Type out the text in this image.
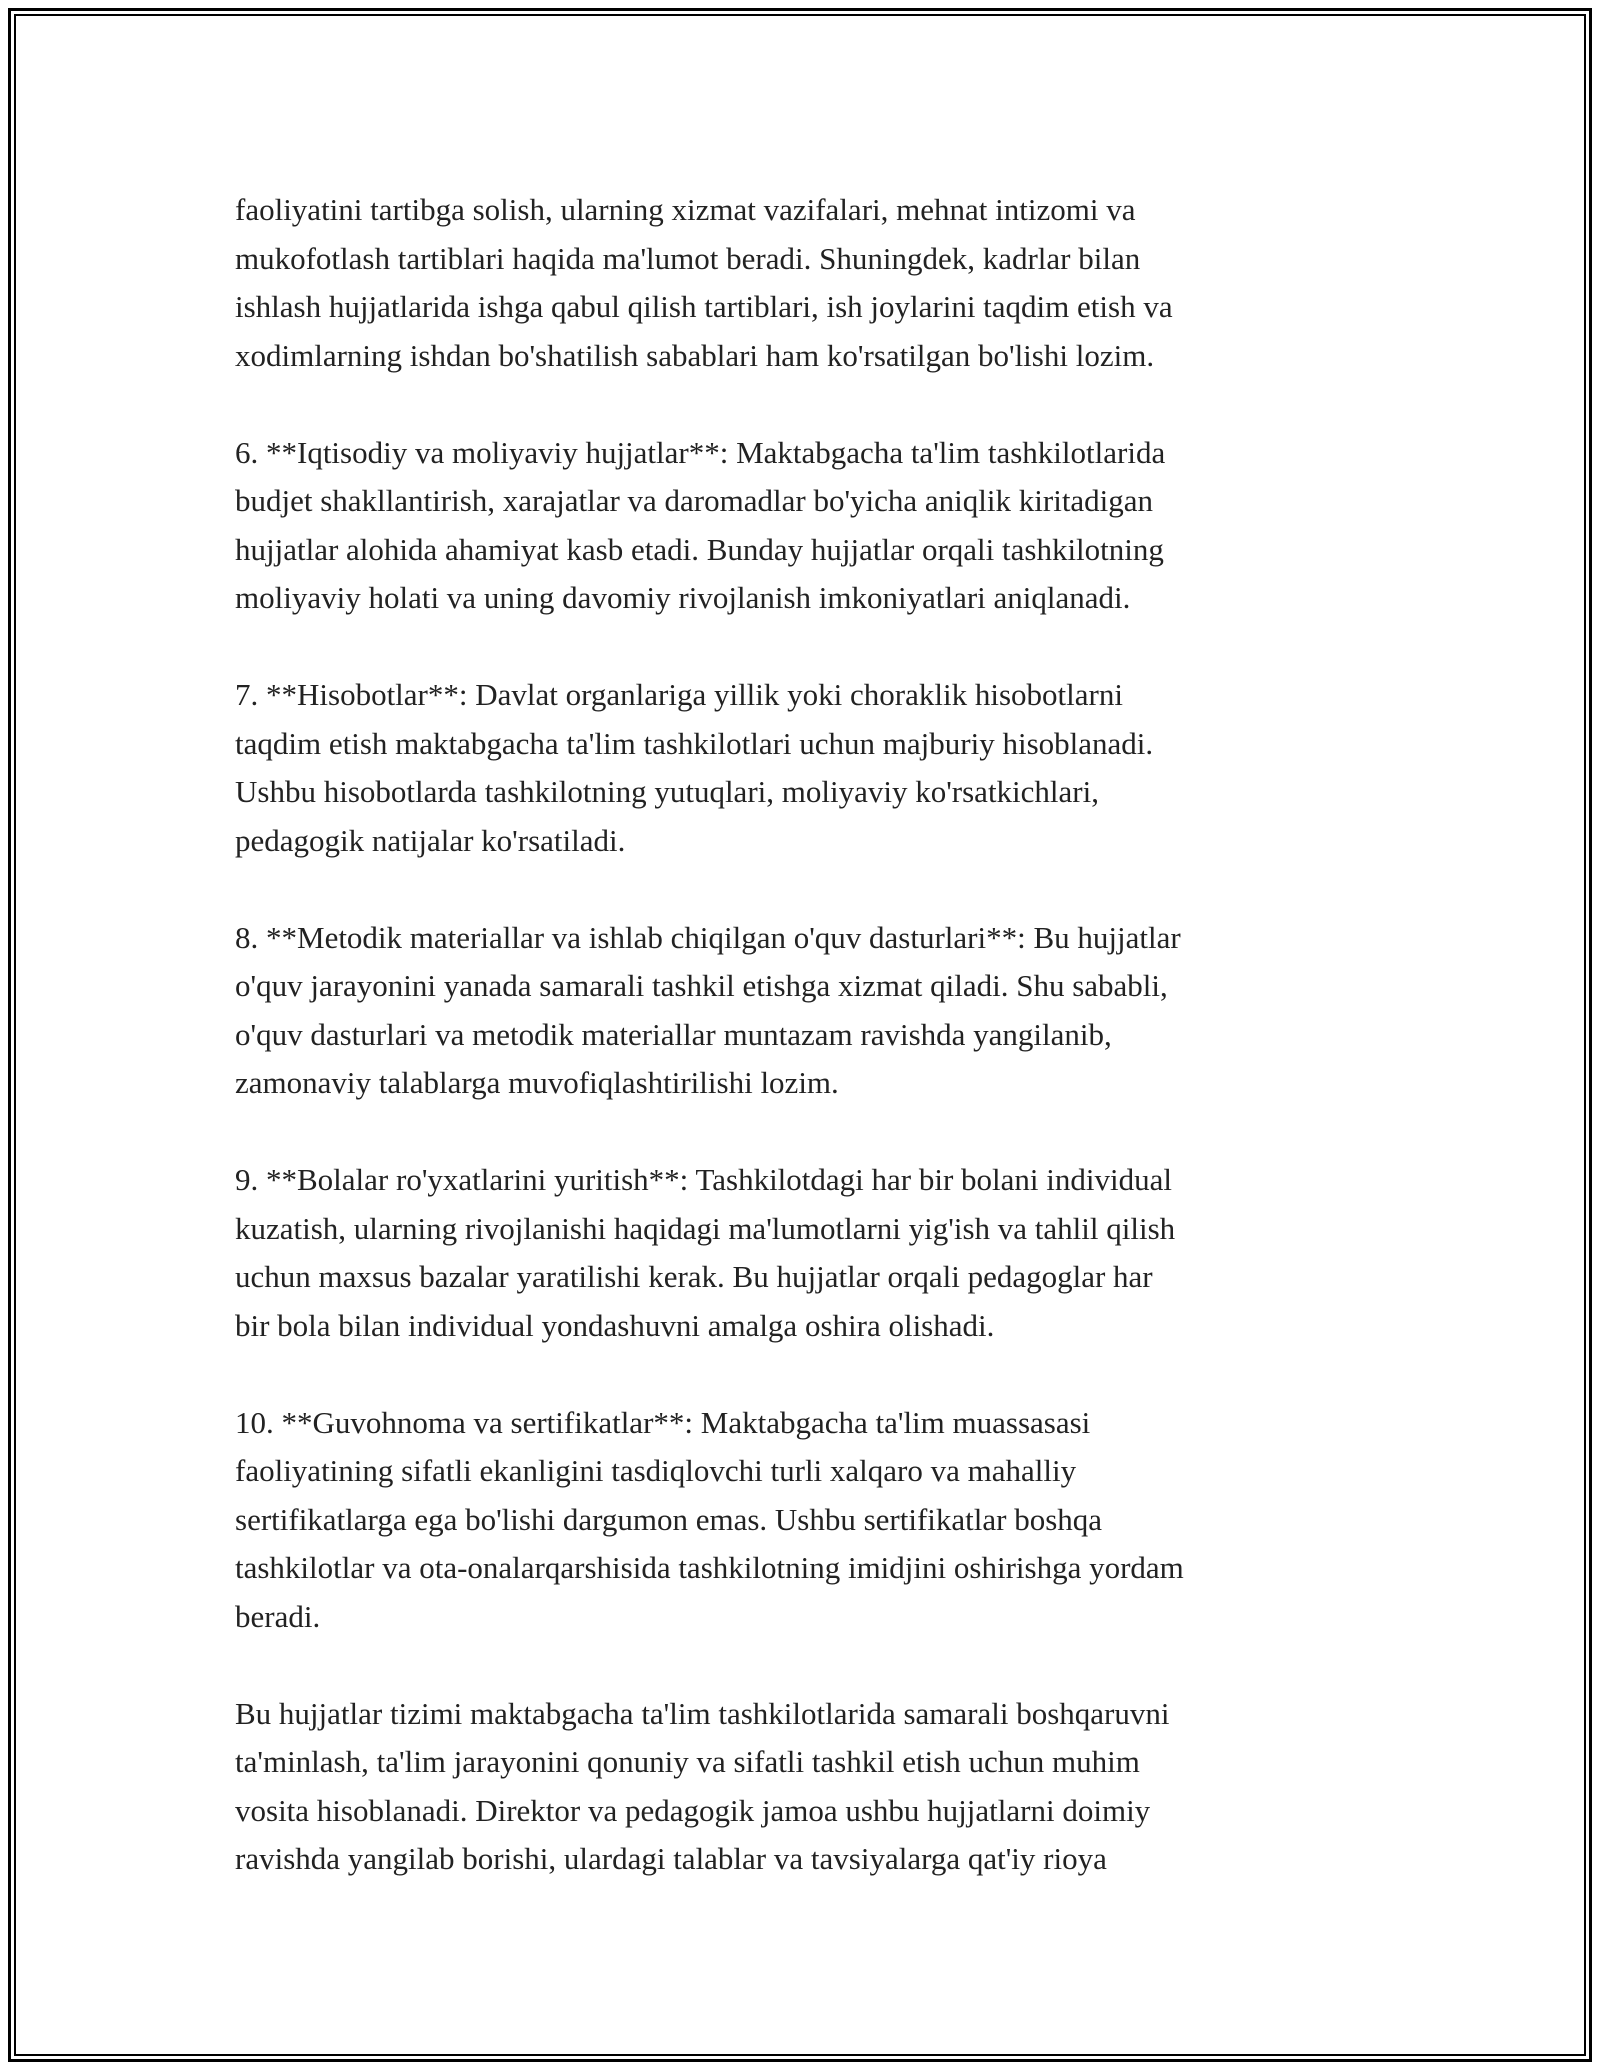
faoliyatini tartibga solish, ularning xizmat vazifalari, mehnat intizomi va
mukofotlash tartiblari haqida ma'lumot beradi. Shuningdek, kadrlar bilan
ishlash hujjatlarida ishga qabul qilish tartiblari, ish joylarini taqdim etish va
xodimlarning ishdan bo'shatilish sabablari ham ko'rsatilgan bo'lishi lozim.

6. **Iqtisodiy va moliyaviy hujjatlar**: Maktabgacha ta'lim tashkilotlarida
budjet shakllantirish, xarajatlar va daromadlar bo'yicha aniqlik kiritadigan
hujjatlar alohida ahamiyat kasb etadi. Bunday hujjatlar orqali tashkilotning
moliyaviy holati va uning davomiy rivojlanish imkoniyatlari aniqlanadi.

7. **Hisobotlar**: Davlat organlariga yillik yoki choraklik hisobotlarni
taqdim etish maktabgacha ta'lim tashkilotlari uchun majburiy hisoblanadi.
Ushbu hisobotlarda tashkilotning yutuqlari, moliyaviy ko'rsatkichlari,
pedagogik natijalar ko'rsatiladi.

8. **Metodik materiallar va ishlab chiqilgan o'quv dasturlari**: Bu hujjatlar
o'quv jarayonini yanada samarali tashkil etishga xizmat qiladi. Shu sababli,
o'quv dasturlari va metodik materiallar muntazam ravishda yangilanib,
zamonaviy talablarga muvofiqlashtirilishi lozim.

9. **Bolalar ro'yxatlarini yuritish**: Tashkilotdagi har bir bolani individual
kuzatish, ularning rivojlanishi haqidagi ma'lumotlarni yig'ish va tahlil qilish
uchun maxsus bazalar yaratilishi kerak. Bu hujjatlar orqali pedagoglar har
bir bola bilan individual yondashuvni amalga oshira olishadi.

10. **Guvohnoma va sertifikatlar**: Maktabgacha ta'lim muassasasi
faoliyatining sifatli ekanligini tasdiqlovchi turli xalqaro va mahalliy
sertifikatlarga ega bo'lishi dargumon emas. Ushbu sertifikatlar boshqa
tashkilotlar va ota-onalarqarshisida tashkilotning imidjini oshirishga yordam
beradi.

Bu hujjatlar tizimi maktabgacha ta'lim tashkilotlarida samarali boshqaruvni
ta'minlash, ta'lim jarayonini qonuniy va sifatli tashkil etish uchun muhim
vosita hisoblanadi. Direktor va pedagogik jamoa ushbu hujjatlarni doimiy
ravishda yangilab borishi, ulardagi talablar va tavsiyalarga qat'iy rioya
